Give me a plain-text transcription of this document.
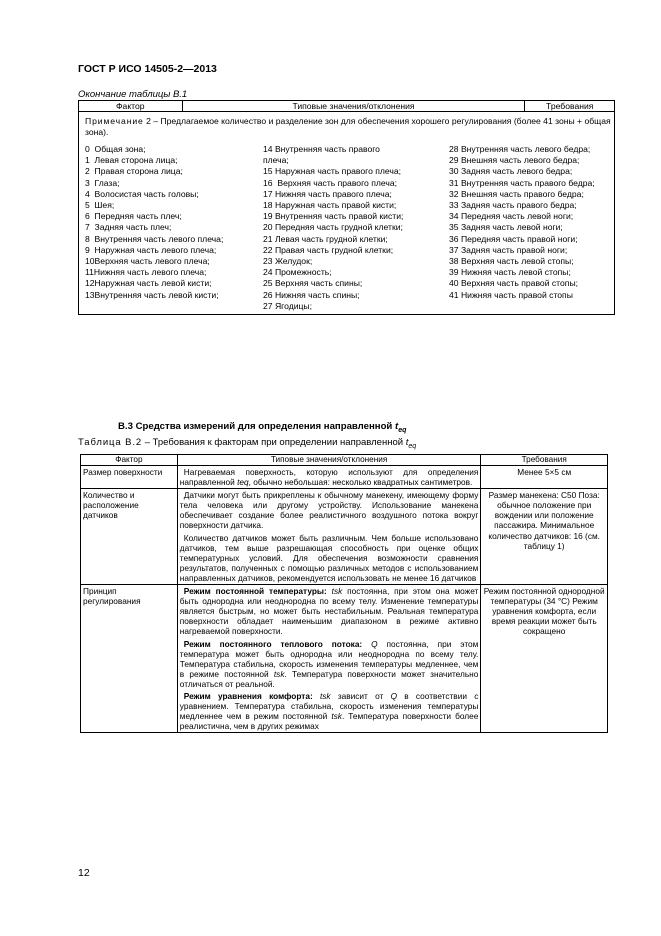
ГОСТ Р ИСО 14505-2—2013
Окончание таблицы В.1
Фактор	Типовые значения/отклонения	Требования

Примечание 2 – Предлагаемое количество и разделение зон для обеспечения хорошего регулирования (более 41 зоны + общая зона).
0  Общая зона;
1  Левая сторона лица;
2  Правая сторона лица;
3  Глаза;
4  Волосистая часть головы;
5  Шея;
6  Передняя часть плеч;
7  Задняя часть плеч;
8  Внутренняя часть левого плеча;
9  Наружная часть левого плеча;
10Верхняя часть левого плеча;
11Нижняя часть левого плеча;
12Наружная часть левой кисти;
13Внутренняя часть левой кисти;
14 Внутренняя часть правого плеча;
15 Наружная часть правого плеча;
16  Верхняя часть правого плеча;
17 Нижняя часть правого плеча;
18 Наружная часть правой кисти;
19 Внутренняя часть правой кисти;
20 Передняя часть грудной клетки;
21 Левая часть грудной клетки;
22 Правая часть грудной клетки;
23 Желудок;
24 Промежность;
25 Верхняя часть спины;
26 Нижняя часть спины;
27 Ягодицы;
28 Внутренняя часть левого бедра;
29 Внешняя часть левого бедра;
30 Задняя часть левого бедра;
31 Внутренняя часть правого бедра;
32 Внешняя часть правого бедра;
33 Задняя часть правого бедра;
34 Передняя часть левой ноги;
35 Задняя часть левой ноги;
36 Передняя часть правой ноги;
37 Задняя часть правой ноги;
38 Верхняя часть левой стопы;
39 Нижняя часть левой стопы;
40 Верхняя часть правой стопы;
41 Нижняя часть правой стопы
В.3 Средства измерений для определения направленной $t_{eq}$
Таблица В.2 – Требования к факторам при определении направленной $t_{eq}$
Фактор	Типовые значения/отклонения	Требования
Размер поверхности	Нагреваемая поверхность, которую используют для определения направленной teq, обычно небольшая: несколько квадратных сантиметров.	Менее 5×5 см
Количество и расположение датчиков	Датчики могут быть прикреплены к обычному манекену, имеющему форму тела человека или другому устройству. Использование манекена обеспечивает создание более реалистичного воздушного потока вокруг поверхности датчика.

Количество датчиков может быть различным. Чем больше использовано датчиков, тем выше разрешающая способность при оценке общих температурных условий. Для обеспечения возможности сравнения результатов, полученных с помощью различных методов с использованием направленных датчиков, рекомендуется использовать не менее 16 датчиков	Размер манекена: С50 Поза: обычное положение при вождении или положение пассажира. Минимальное количество датчиков: 16 (см. таблицу 1)
Принцип регулирования	Режим постоянной температуры: tsk постоянна, при этом она может быть однородна или неоднородна по всему телу. Изменение температуры является быстрым, но может быть нестабильным. Реальная температура поверхности обладает наименьшим диапазоном в режиме активно нагреваемой поверхности.

Режим постоянного теплового потока: Q постоянна, при этом температура может быть однородна или неоднородна по всему телу. Температура стабильна, скорость изменения температуры медленнее, чем в режиме постоянной tsk. Температура поверхности может значительно отличаться от реальной.

Режим уравнения комфорта: tsk зависит от Q в соответствии с уравнением. Температура стабильна, скорость изменения температуры медленнее чем в режим постоянной tsk. Температура поверхности более реалистична, чем в других режимах	Режим постоянной однородной температуры (34 °C) Режим уравнения комфорта, если время реакции может быть сокращено
12
